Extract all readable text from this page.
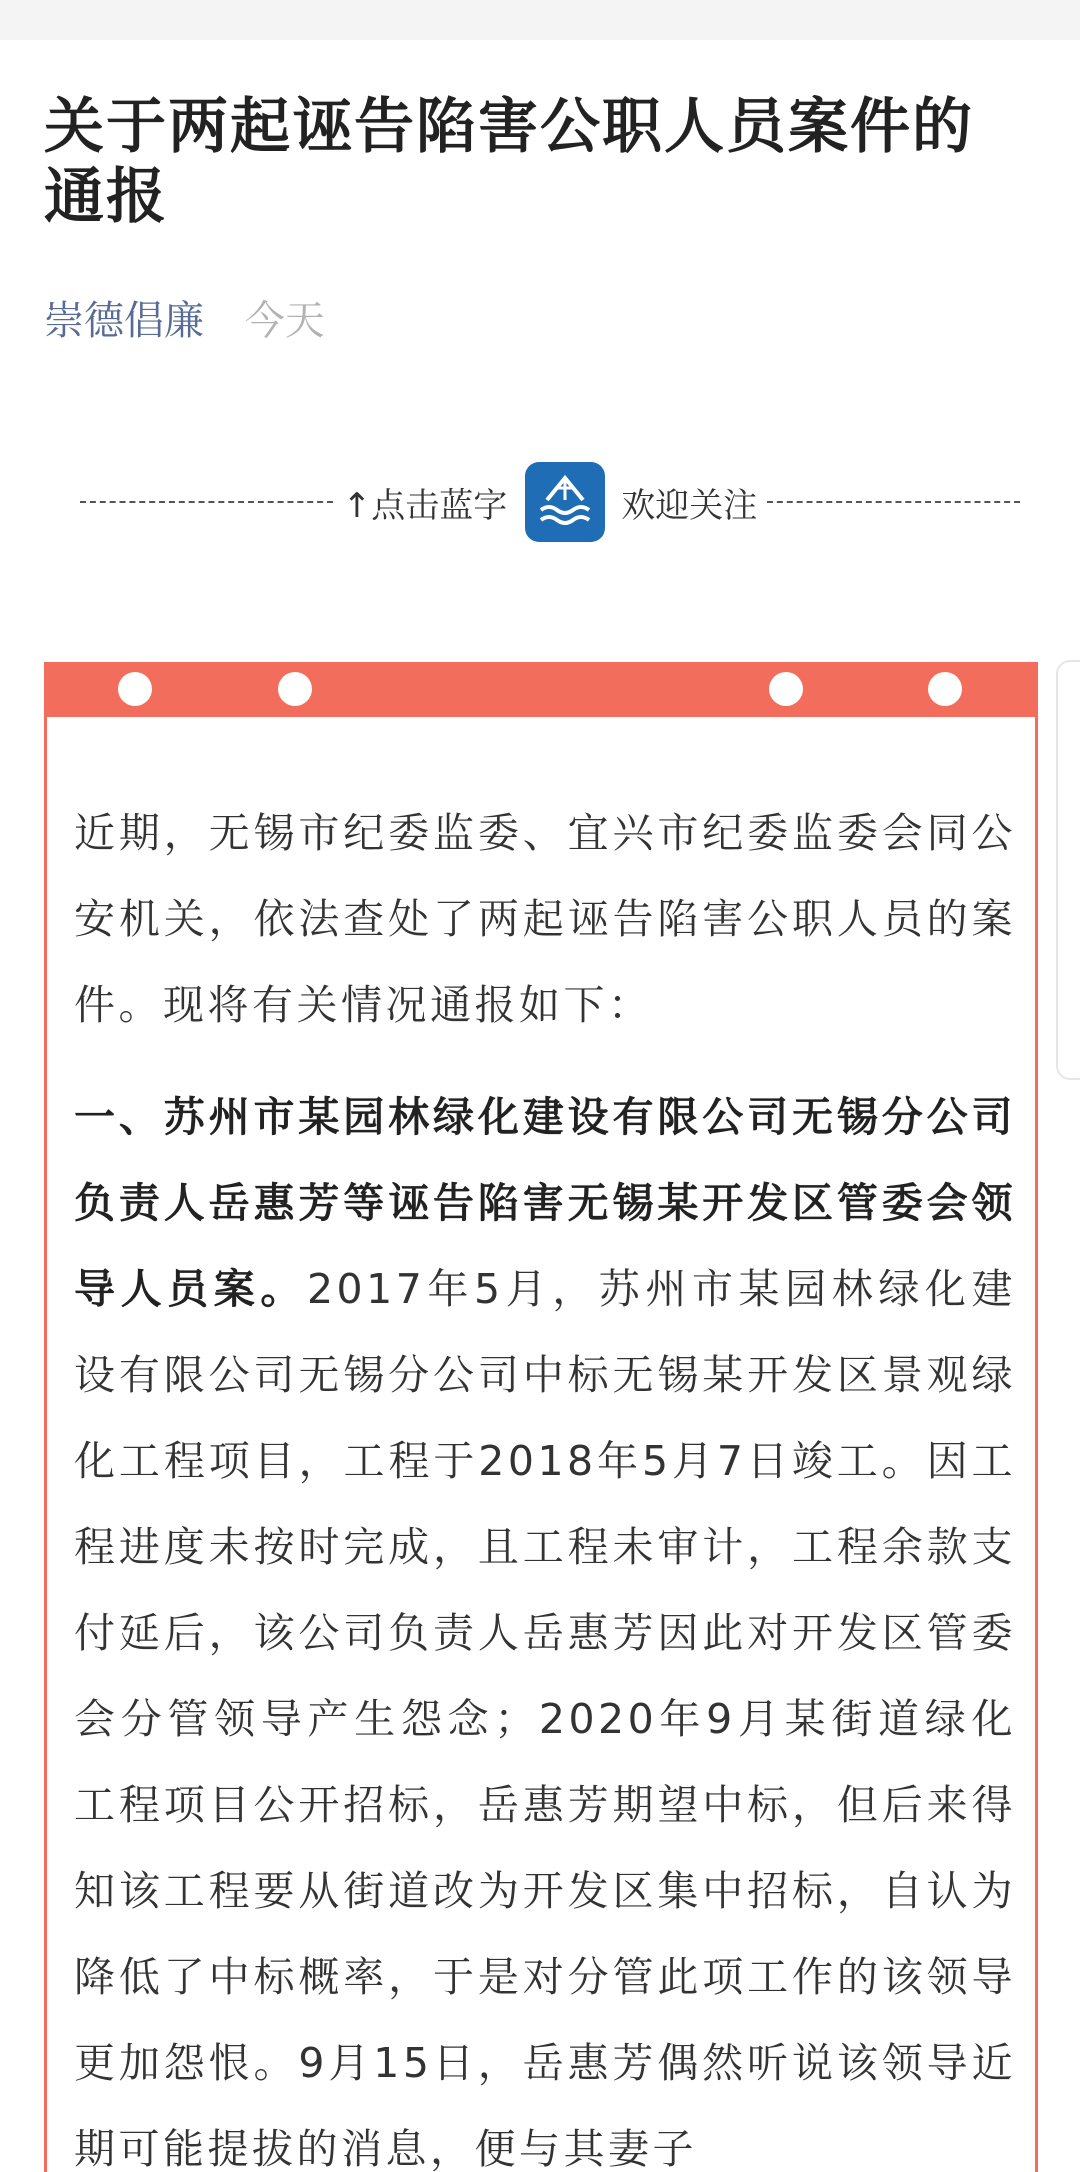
关于两起诬告陷害公职人员案件的通报
崇德倡廉 今天
↑点击蓝字	欢迎关注

近期，无锡市纪委监委、宜兴市纪委监委会同公安机关，依法查处了两起诬告陷害公职人员的案件。现将有关情况通报如下：

一、苏州市某园林绿化建设有限公司无锡分公司负责人岳惠芳等诬告陷害无锡某开发区管委会领导人员案。2017年5月，苏州市某园林绿化建设有限公司无锡分公司中标无锡某开发区景观绿化工程项目，工程于2018年5月7日竣工。因工程进度未按时完成，且工程未审计，工程余款支付延后，该公司负责人岳惠芳因此对开发区管委会分管领导产生怨念；2020年9月某街道绿化工程项目公开招标，岳惠芳期望中标，但后来得知该工程要从街道改为开发区集中招标，自认为降低了中标概率，于是对分管此项工作的该领导更加怨恨。9月15日，岳惠芳偶然听说该领导近期可能提拔的消息，便与其妻子
